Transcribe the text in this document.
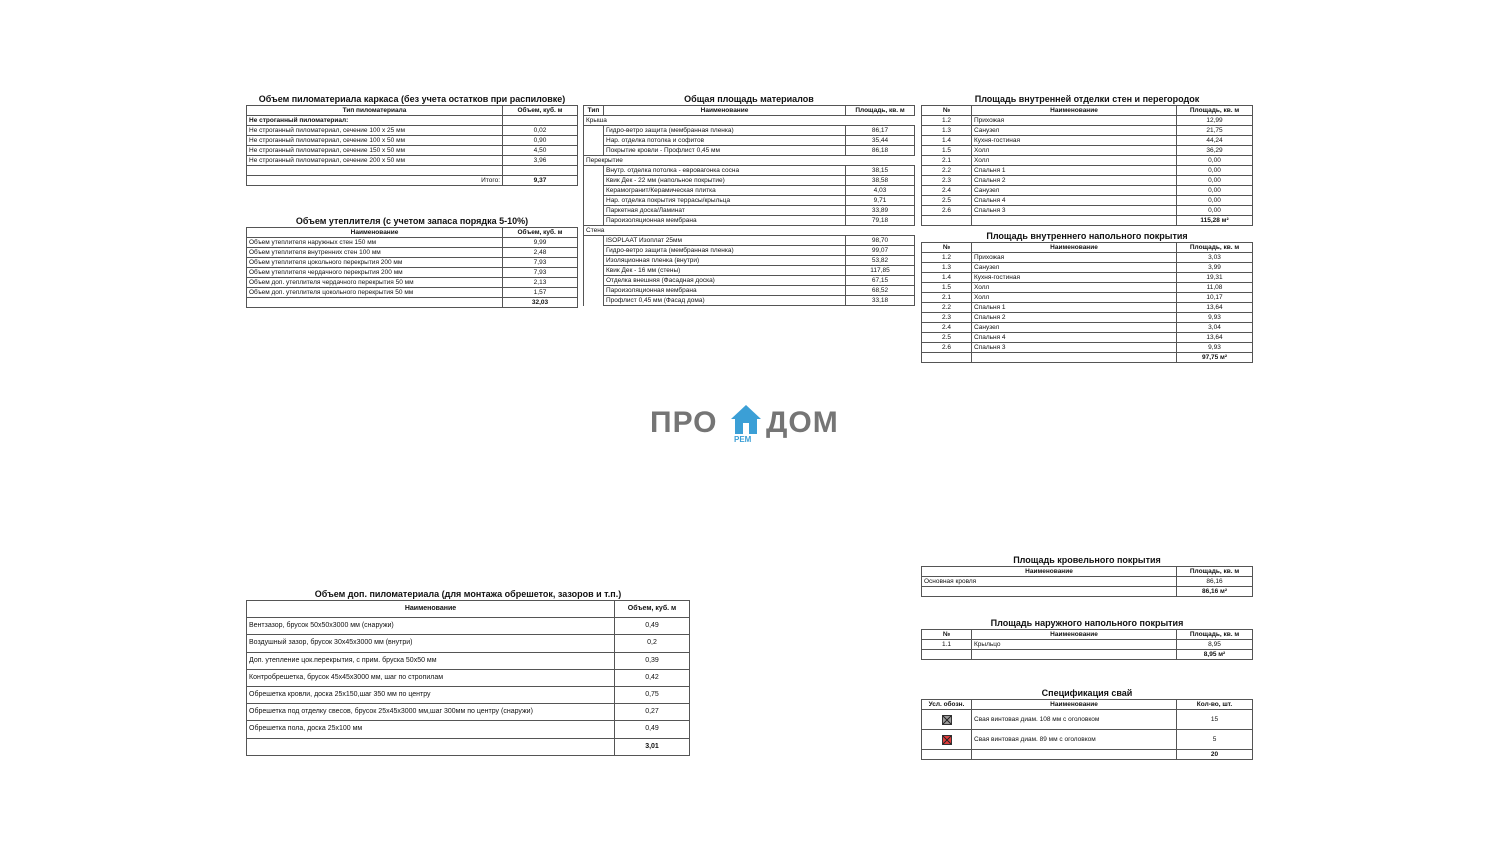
Объем пиломатериала каркаса (без учета остатков при распиловке)
Тип пиломатериала	Объем, куб. м
Не строганный пиломатериал:	
Не строганный пиломатериал, сечение 100 х 25 мм	0,02
Не строганный пиломатериал, сечение 100 х 50 мм	0,90
Не строганный пиломатериал, сечение 150 х 50 мм	4,50
Не строганный пиломатериал, сечение 200 х 50 мм	3,96

Итого:	9,37
Объем утеплителя (с учетом запаса порядка 5-10%)
Наименование	Объем, куб. м
Объем утеплителя наружных стен 150 мм	9,99
Объем утеплителя внутренних стен 100 мм	2,48
Объем утеплителя цокольного перекрытия 200 мм	7,93
Объем утеплителя чердачного перекрытия 200 мм	7,93
Объем доп. утеплителя чердачного перекрытия 50 мм	2,13
Объем доп. утеплителя цокольного перекрытия 50 мм	1,57
	32,03
Общая площадь материалов
Тип	Наименование	Площадь, кв. м
Крыша		
	Гидро-ветро защита (мембранная пленка)	86,17
	Нар. отделка потолка и софитов	35,44
	Покрытие кровли - Профлист 0,45 мм	86,18
Перекрытие		
	Внутр. отделка потолка - евровагонка сосна	38,15
	Квик Дек - 22 мм (напольное покрытие)	38,58
	Керамогранит/Керамическая плитка	4,03
	Нар. отделка покрытия террасы/крыльца	9,71
	Паркетная доска/Ламинат	33,89
	Пароизоляционная мембрана	79,18
Стена		
	ISOPLAAT Изоплат 25мм	98,70
	Гидро-ветро защита (мембранная пленка)	99,07
	Изоляционная пленка (внутри)	53,82
	Квик Дек - 16 мм (стены)	117,85
	Отделка внешняя (Фасадная доска)	67,15
	Пароизоляционная мембрана	68,52
	Профлист 0,45 мм (Фасад дома)	33,18
Площадь внутренней отделки стен и перегородок
№	Наименование	Площадь, кв. м
1.2	Прихожая	12,99
1.3	Санузел	21,75
1.4	Кухня-гостиная	44,24
1.5	Холл	36,29
2.1	Холл	0,00
2.2	Спальня 1	0,00
2.3	Спальня 2	0,00
2.4	Санузел	0,00
2.5	Спальня 4	0,00
2.6	Спальня 3	0,00
		115,28 м²
Площадь внутреннего напольного покрытия
№	Наименование	Площадь, кв. м
1.2	Прихожая	3,03
1.3	Санузел	3,99
1.4	Кухня-гостиная	19,31
1.5	Холл	11,08
2.1	Холл	10,17
2.2	Спальня 1	13,64
2.3	Спальня 2	9,93
2.4	Санузел	3,04
2.5	Спальня 4	13,64
2.6	Спальня 3	9,93
		97,75 м²
ПРО
РЕМ
ДОМ
Объем доп. пиломатериала (для монтажа обрешеток, зазоров и т.п.)
Наименование	Объем, куб. м
Вентзазор, брусок 50х50х3000 мм (снаружи)	0,49
Воздушный зазор, брусок 30х45х3000 мм (внутри)	0,2
Доп. утепление цок.перекрытия, с прим. бруска 50х50 мм	0,39
Контробрешетка, брусок 45х45х3000 мм, шаг по стропилам	0,42
Обрешетка кровли, доска 25х150,шаг 350 мм по центру	0,75
Обрешетка под отделку свесов, брусок 25х45х3000 мм,шаг 300мм по центру (снаружи)	0,27
Обрешетка пола, доска 25х100 мм	0,49
	3,01
Площадь кровельного покрытия
Наименование	Площадь, кв. м
Основная кровля	86,16
	86,16 м²
Площадь наружного напольного покрытия
№	Наименование	Площадь, кв. м
1.1	Крыльцо	8,95
		8,95 м²
Спецификация свай
Усл. обозн.	Наименование	Кол-во, шт.
	Свая винтовая диам. 108 мм с оголовком	15
	Свая винтовая диам. 89 мм с оголовком	5
		20
